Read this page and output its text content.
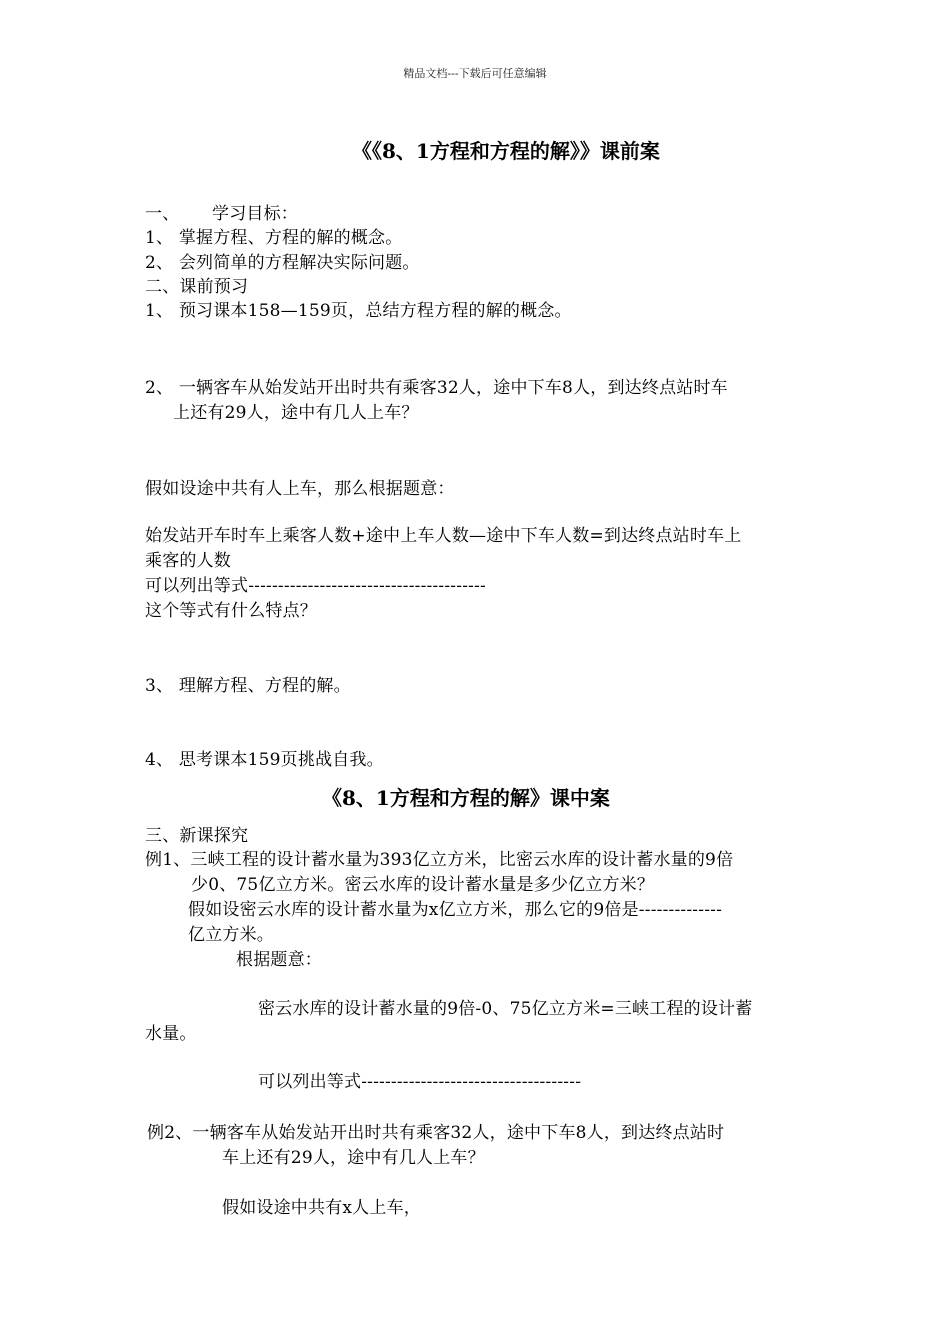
精品文档---下载后可任意编辑
《《8、1方程和方程的解》》课前案
一、 学习目标：
1、 掌握方程、方程的解的概念。
2、 会列简单的方程解决实际问题。
二、课前预习
1、 预习课本158—159页，总结方程方程的解的概念。
2、 一辆客车从始发站开出时共有乘客32人，途中下车8人，到达终点站时车
上还有29人，途中有几人上车？
假如设途中共有人上车，那么根据题意：
始发站开车时车上乘客人数+途中上车人数—途中下车人数=到达终点站时车上
乘客的人数
可以列出等式----------------------------------------
这个等式有什么特点？
3、 理解方程、方程的解。
4、 思考课本159页挑战自我。
《8、1方程和方程的解》课中案
三、新课探究
例1、三峡工程的设计蓄水量为393亿立方米，比密云水库的设计蓄水量的9倍
少0、75亿立方米。密云水库的设计蓄水量是多少亿立方米？
假如设密云水库的设计蓄水量为x亿立方米，那么它的9倍是--------------
亿立方米。
根据题意：
密云水库的设计蓄水量的9倍-0、75亿立方米=三峡工程的设计蓄
水量。
可以列出等式-------------------------------------
例2、一辆客车从始发站开出时共有乘客32人，途中下车8人，到达终点站时
车上还有29人，途中有几人上车？
假如设途中共有x人上车，
